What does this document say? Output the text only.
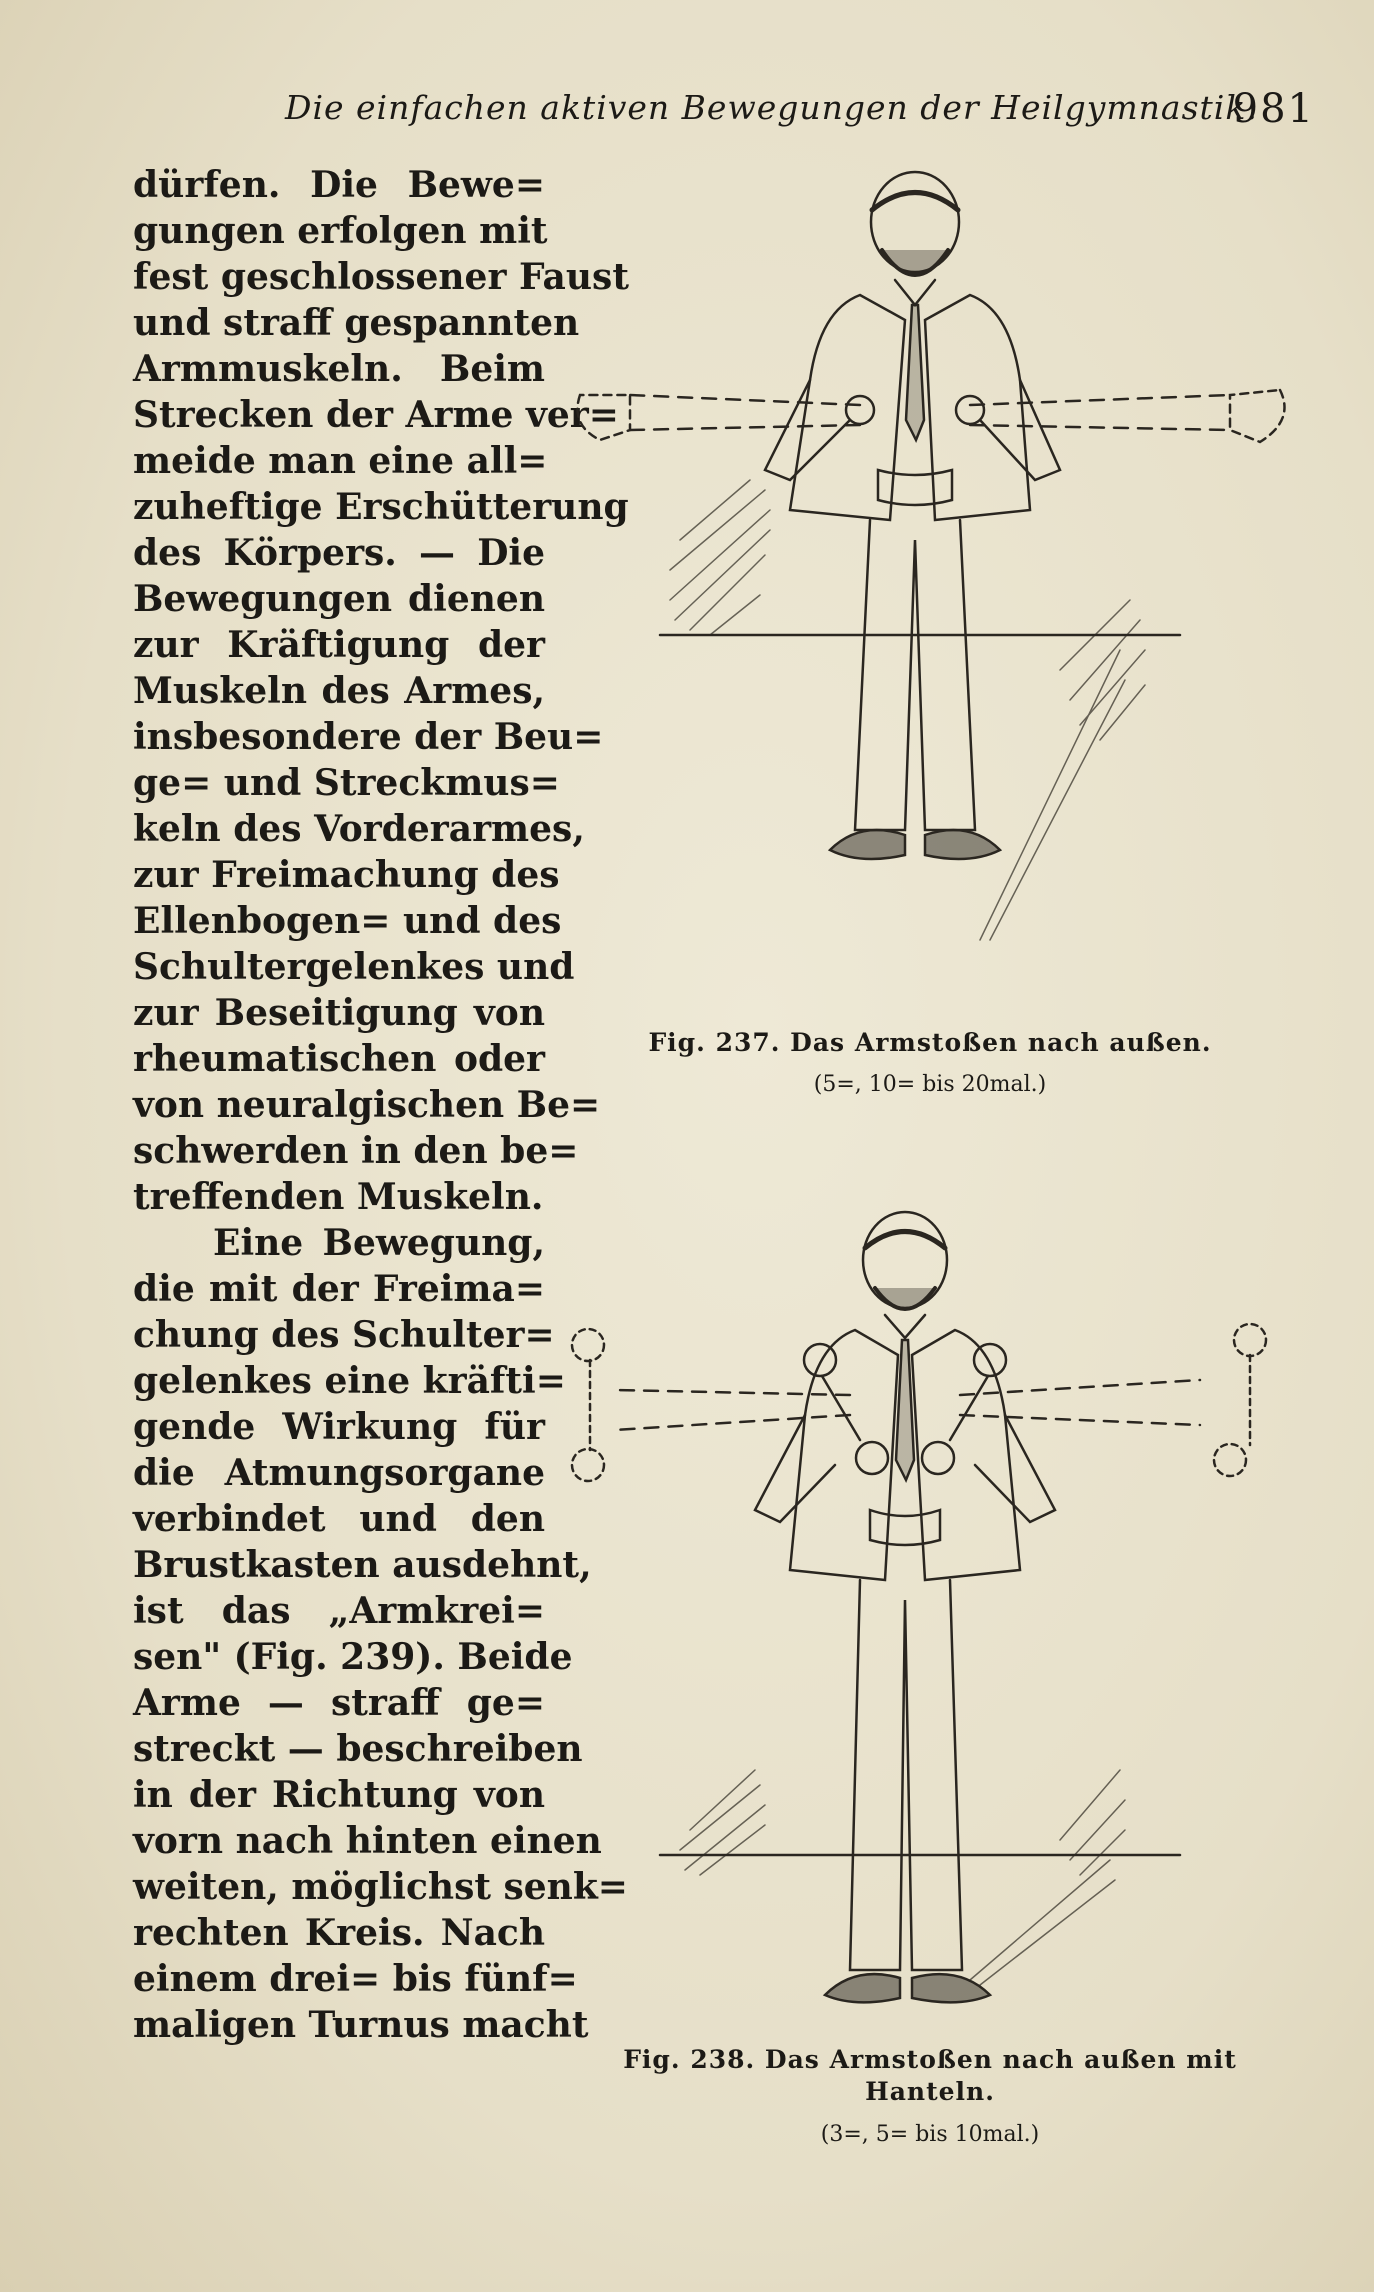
Die einfachen aktiven Bewegungen der Heilgymnastik.
981
dürfen. Die Bewe=
gungen erfolgen mit
fest geschlossener Faust
und straff gespannten
Armmuskeln. Beim
Strecken der Arme ver=
meide man eine all=
zuheftige Erschütterung
des Körpers. — Die
Bewegungen dienen
zur Kräftigung der
Muskeln des Armes,
insbesondere der Beu=
ge= und Streckmus=
keln des Vorderarmes,
zur Freimachung des
Ellenbogen= und des
Schultergelenkes und
zur Beseitigung von
rheumatischen oder
von neuralgischen Be=
schwerden in den be=
treffenden Muskeln.
Eine Bewegung,
die mit der Freima=
chung des Schulter=
gelenkes eine kräfti=
gende Wirkung für
die Atmungsorgane
verbindet und den
Brustkasten ausdehnt,
ist das „Armkrei=
sen" (Fig. 239). Beide
Arme — straff ge=
streckt — beschreiben
in der Richtung von
vorn nach hinten einen
weiten, möglichst senk=
rechten Kreis. Nach
einem drei= bis fünf=
maligen Turnus macht
Fig. 237. Das Armstoßen nach außen.
(5=, 10= bis 20mal.)
Fig. 238. Das Armstoßen nach außen mit
Hanteln.
(3=, 5= bis 10mal.)
